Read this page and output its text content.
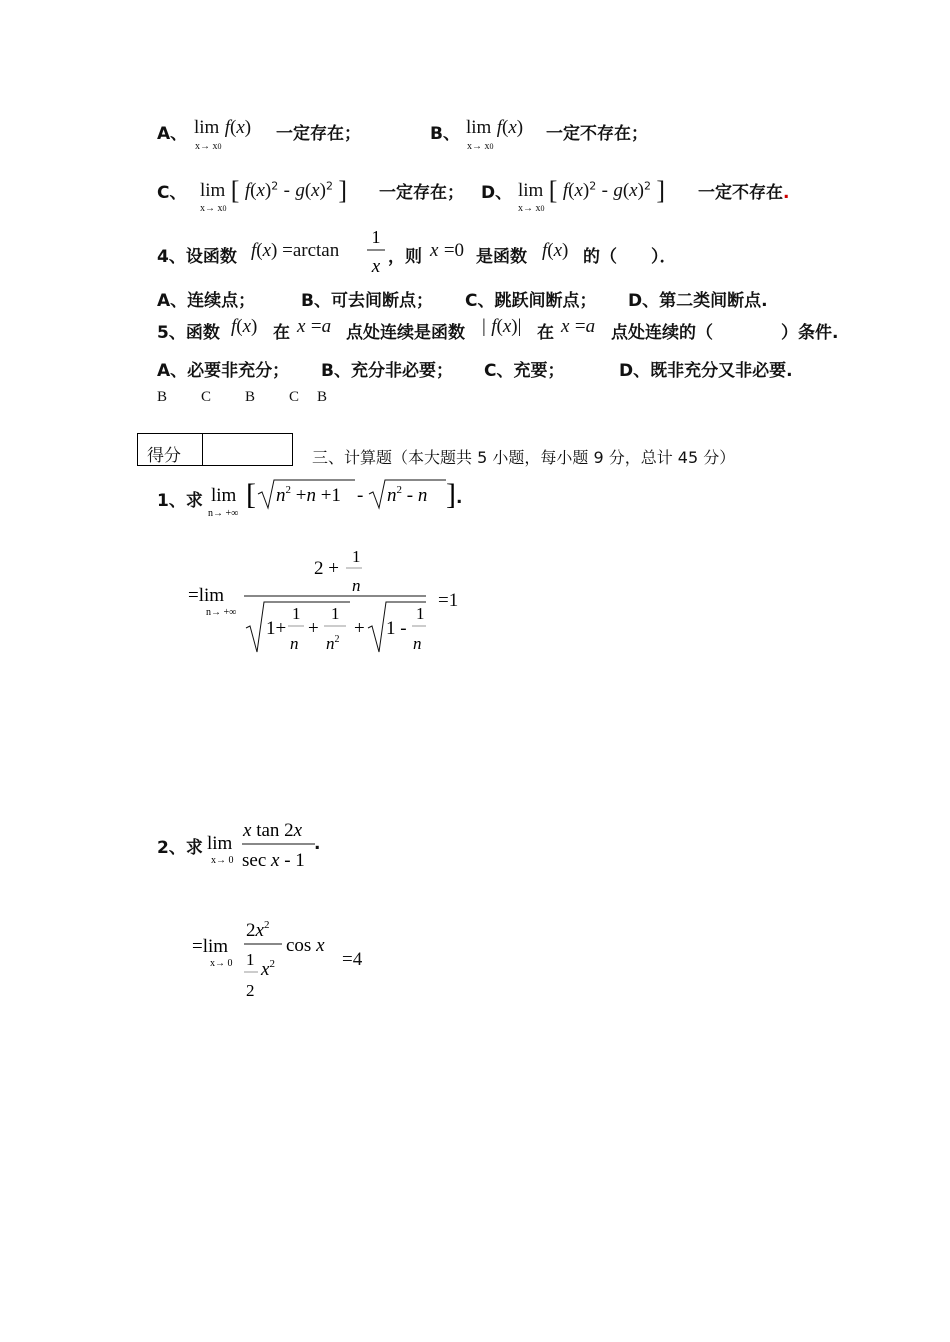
A、 lim f(x)
x→ x0
一定存在；	B、 lim f(x)
x→ x0
一定不存在；
C、 lim [ $f(x)^2 - g(x)^2$ ]
x→ x0
一定存在； D、 lim [ $f(x)^2 - g(x)^2$ ]
x→ x0
一定不存在.
4、设函数 f(x) =arctan
1
x ，则 x =0 是函数 f(x) 的（　　）．
A、连续点；	B、可去间断点； C、跳跃间断点； D、第二类间断点.
5、函数 f(x) 在 x =a 点处连续是函数 | f(x)| 在 x =a 点处连续的（　　　　）条件.
A、必要非充分； B、充分非必要； C、充要；	D、既非充分又非必要.
B C B C B
得分	三、计算题（本大题共 5 小题，每小题 9 分，总计 45 分）
1、求 lim
n→ +∞
[ $n^2 +n +1 - n^2 - n$ ] .
=lim
n→ +∞
2 +
1
n
1+
1
n
+
1
$n^2$
+ 1 -
1
n
=1
2、求 lim
x→ 0
x tan 2x
sec x - 1
.
=lim
x→ 0
$2x^2$
1
2
$x^2$
cos x
=4
